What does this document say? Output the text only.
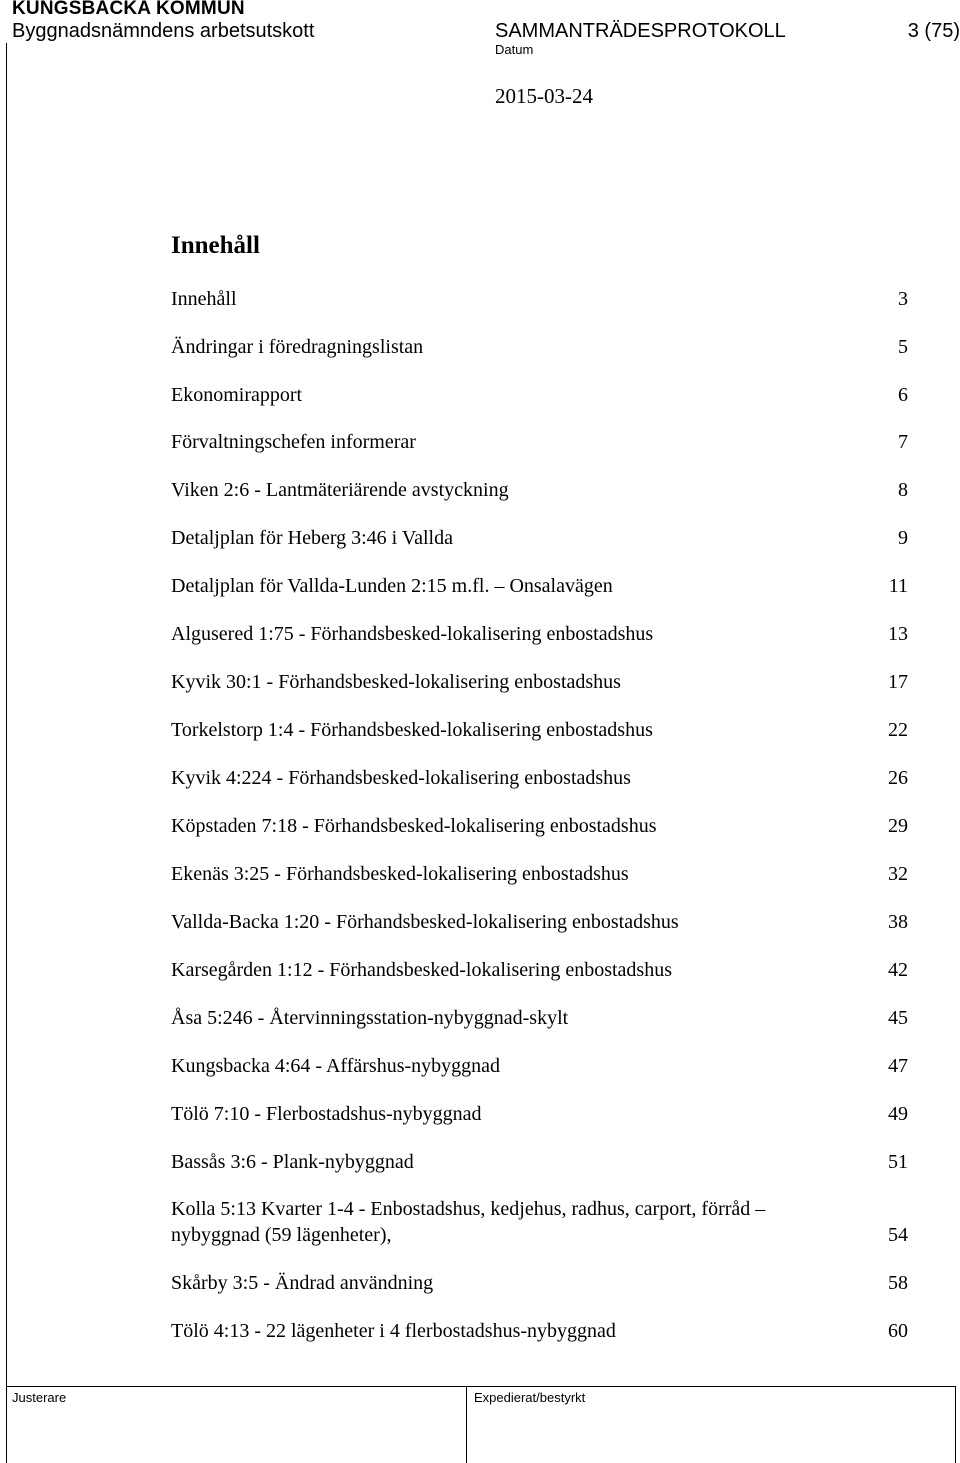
KUNGSBACKA KOMMUN
Byggnadsnämndens arbetsutskott	SAMMANTRÄDESPROTOKOLL	3 (75)
Datum
2015-03-24
Innehåll
Innehåll	3
Ändringar i föredragningslistan	5
Ekonomirapport	6
Förvaltningschefen informerar	7
Viken 2:6 - Lantmäteriärende avstyckning	8
Detaljplan för Heberg 3:46 i Vallda	9
Detaljplan för Vallda-Lunden 2:15 m.fl. – Onsalavägen	11
Algusered 1:75 - Förhandsbesked-lokalisering enbostadshus	13
Kyvik 30:1 - Förhandsbesked-lokalisering enbostadshus	17
Torkelstorp 1:4 - Förhandsbesked-lokalisering enbostadshus	22
Kyvik 4:224 - Förhandsbesked-lokalisering enbostadshus	26
Köpstaden 7:18 - Förhandsbesked-lokalisering enbostadshus	29
Ekenäs 3:25 - Förhandsbesked-lokalisering enbostadshus	32
Vallda-Backa 1:20 - Förhandsbesked-lokalisering enbostadshus	38
Karsegården 1:12 - Förhandsbesked-lokalisering enbostadshus	42
Åsa 5:246 - Återvinningsstation-nybyggnad-skylt	45
Kungsbacka 4:64 - Affärshus-nybyggnad	47
Tölö 7:10 - Flerbostadshus-nybyggnad	49
Bassås 3:6 - Plank-nybyggnad	51
Kolla 5:13 Kvarter 1-4 - Enbostadshus, kedjehus, radhus, carport, förråd – nybyggnad (59 lägenheter),	54
Skårby 3:5 - Ändrad användning	58
Tölö 4:13 - 22 lägenheter i 4 flerbostadshus-nybyggnad	60
Justerare	Expedierat/bestyrkt
